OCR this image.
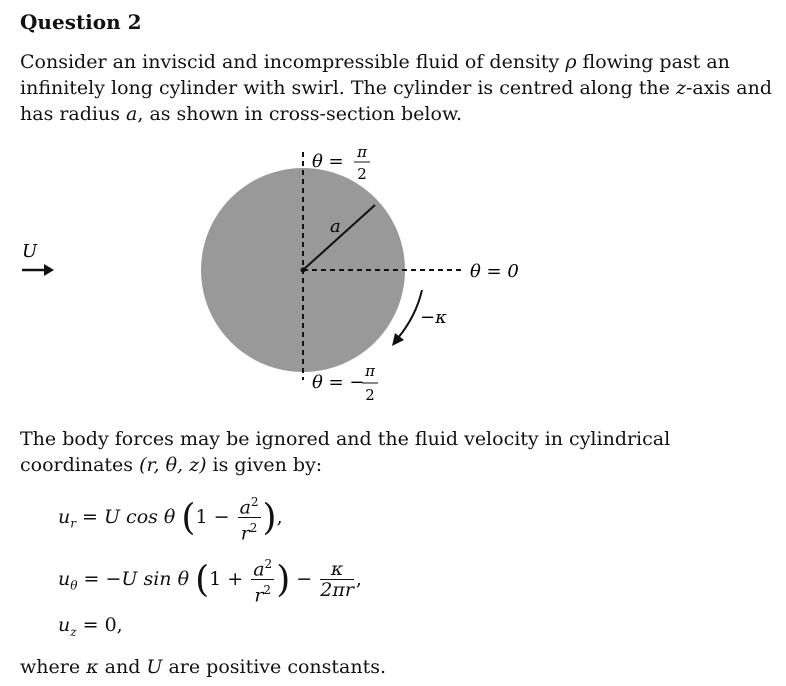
Question 2
Consider an inviscid and incompressible fluid of density ρ flowing past an infinitely long cylinder with swirl. The cylinder is centred along the z-axis and has radius a, as shown in cross-section below.
θ = π
2
θ = −
π
2
a
θ = 0
−κ
U
The body forces may be ignored and the fluid velocity in cylindrical coordinates (r, θ, z) is given by:
$u_r = U$ cos θ ($1 - \frac{a^2}{r^2}$ ),
$u_\theta = -U$ sin θ ($1 + \frac{a^2}{r^2}$ ) − $\frac{\kappa}{2\pi r}$ ,
$u_z = 0$,
where κ and U are positive constants.
